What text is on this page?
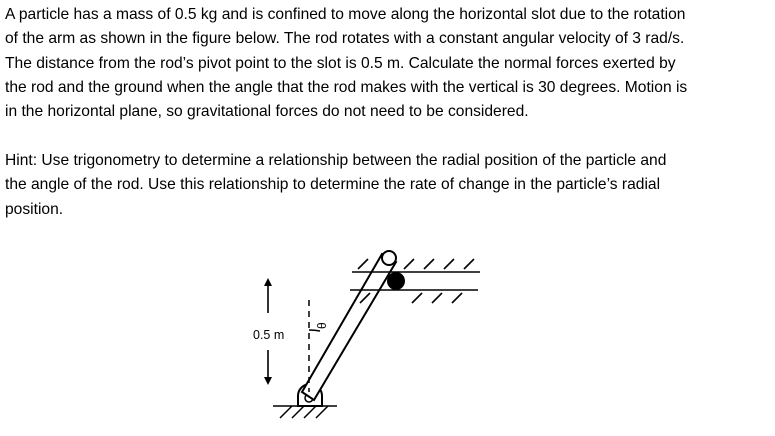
A particle has a mass of 0.5 kg and is confined to move along the horizontal slot due to the rotation
of the arm as shown in the figure below. The rod rotates with a constant angular velocity of 3 rad/s.
The distance from the rod’s pivot point to the slot is 0.5 m. Calculate the normal forces exerted by
the rod and the ground when the angle that the rod makes with the vertical is 30 degrees. Motion is
in the horizontal plane, so gravitational forces do not need to be considered.
Hint: Use trigonometry to determine a relationship between the radial position of the particle and
the angle of the rod. Use this relationship to determine the rate of change in the particle’s radial
position.
θ
0.5 m
